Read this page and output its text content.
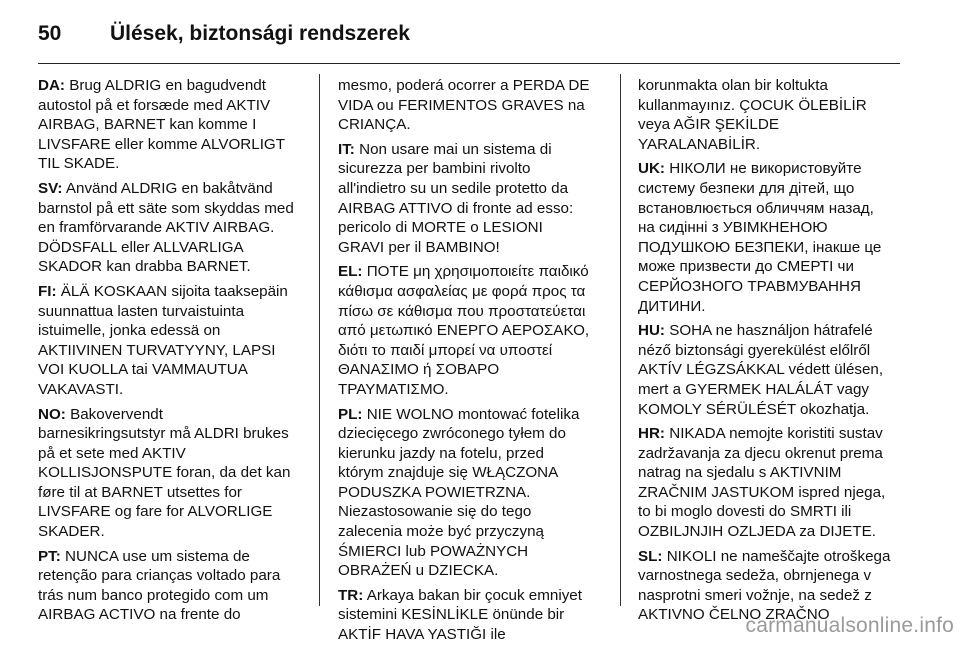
50	Ülések, biztonsági rendszerek

DA: Brug ALDRIG en bagudvendt
autostol på et forsæde med AKTIV
AIRBAG, BARNET kan komme I
LIVSFARE eller komme ALVORLIGT
TIL SKADE.

SV: Använd ALDRIG en bakåtvänd
barnstol på ett säte som skyddas med
en framförvarande AKTIV AIRBAG.
DÖDSFALL eller ALLVARLIGA
SKADOR kan drabba BARNET.

FI: ÄLÄ KOSKAAN sijoita taaksepäin
suunnattua lasten turvaistuinta
istuimelle, jonka edessä on
AKTIIVINEN TURVATYYNY, LAPSI
VOI KUOLLA tai VAMMAUTUA
VAKAVASTI.

NO: Bakovervendt
barnesikringsutstyr må ALDRI brukes
på et sete med AKTIV
KOLLISJONSPUTE foran, da det kan
føre til at BARNET utsettes for
LIVSFARE og fare for ALVORLIGE
SKADER.

PT: NUNCA use um sistema de
retenção para crianças voltado para
trás num banco protegido com um
AIRBAG ACTIVO na frente do

mesmo, poderá ocorrer a PERDA DE
VIDA ou FERIMENTOS GRAVES na
CRIANÇA.

IT: Non usare mai un sistema di
sicurezza per bambini rivolto
all'indietro su un sedile protetto da
AIRBAG ATTIVO di fronte ad esso:
pericolo di MORTE o LESIONI
GRAVI per il BAMBINO!

EL: ΠΟΤΕ μη χρησιμοποιείτε παιδικό
κάθισμα ασφαλείας με φορά προς τα
πίσω σε κάθισμα που προστατεύεται
από μετωπικό ΕΝΕΡΓΟ ΑΕΡΟΣΑΚΟ,
διότι το παιδί μπορεί να υποστεί
ΘΑΝΑΣΙΜΟ ή ΣΟΒΑΡΟ
ΤΡΑΥΜΑΤΙΣΜΟ.

PL: NIE WOLNO montować fotelika
dziecięcego zwróconego tyłem do
kierunku jazdy na fotelu, przed
którym znajduje się WŁĄCZONA
PODUSZKA POWIETRZNA.
Niezastosowanie się do tego
zalecenia może być przyczyną
ŚMIERCI lub POWAŻNYCH
OBRAŻEŃ u DZIECKA.

TR: Arkaya bakan bir çocuk emniyet
sistemini KESİNLİKLE önünde bir
AKTİF HAVA YASTIĞI ile

korunmakta olan bir koltukta
kullanmayınız. ÇOCUK ÖLEBİLİR
veya AĞIR ŞEKİLDE
YARALANABİLİR.

UK: НІКОЛИ не використовуйте
систему безпеки для дітей, що
встановлюється обличчям назад,
на сидінні з УВІМКНЕНОЮ
ПОДУШКОЮ БЕЗПЕКИ, інакше це
може призвести до СМЕРТІ чи
СЕРЙОЗНОГО ТРАВМУВАННЯ
ДИТИНИ.

HU: SOHA ne használjon hátrafelé
néző biztonsági gyerekülést előlről
AKTÍV LÉGZSÁKKAL védett ülésen,
mert a GYERMEK HALÁLÁT vagy
KOMOLY SÉRÜLÉSÉT okozhatja.

HR: NIKADA nemojte koristiti sustav
zadržavanja za djecu okrenut prema
natrag na sjedalu s AKTIVNIM
ZRAČNIM JASTUKOM ispred njega,
to bi moglo dovesti do SMRTI ili
OZBILJNJIH OZLJEDA za DIJETE.

SL: NIKOLI ne nameščajte otroškega
varnostnega sedeža, obrnjenega v
nasprotni smeri vožnje, na sedež z
AKTIVNO ČELNO ZRAČNO

carmanualsonline.info
